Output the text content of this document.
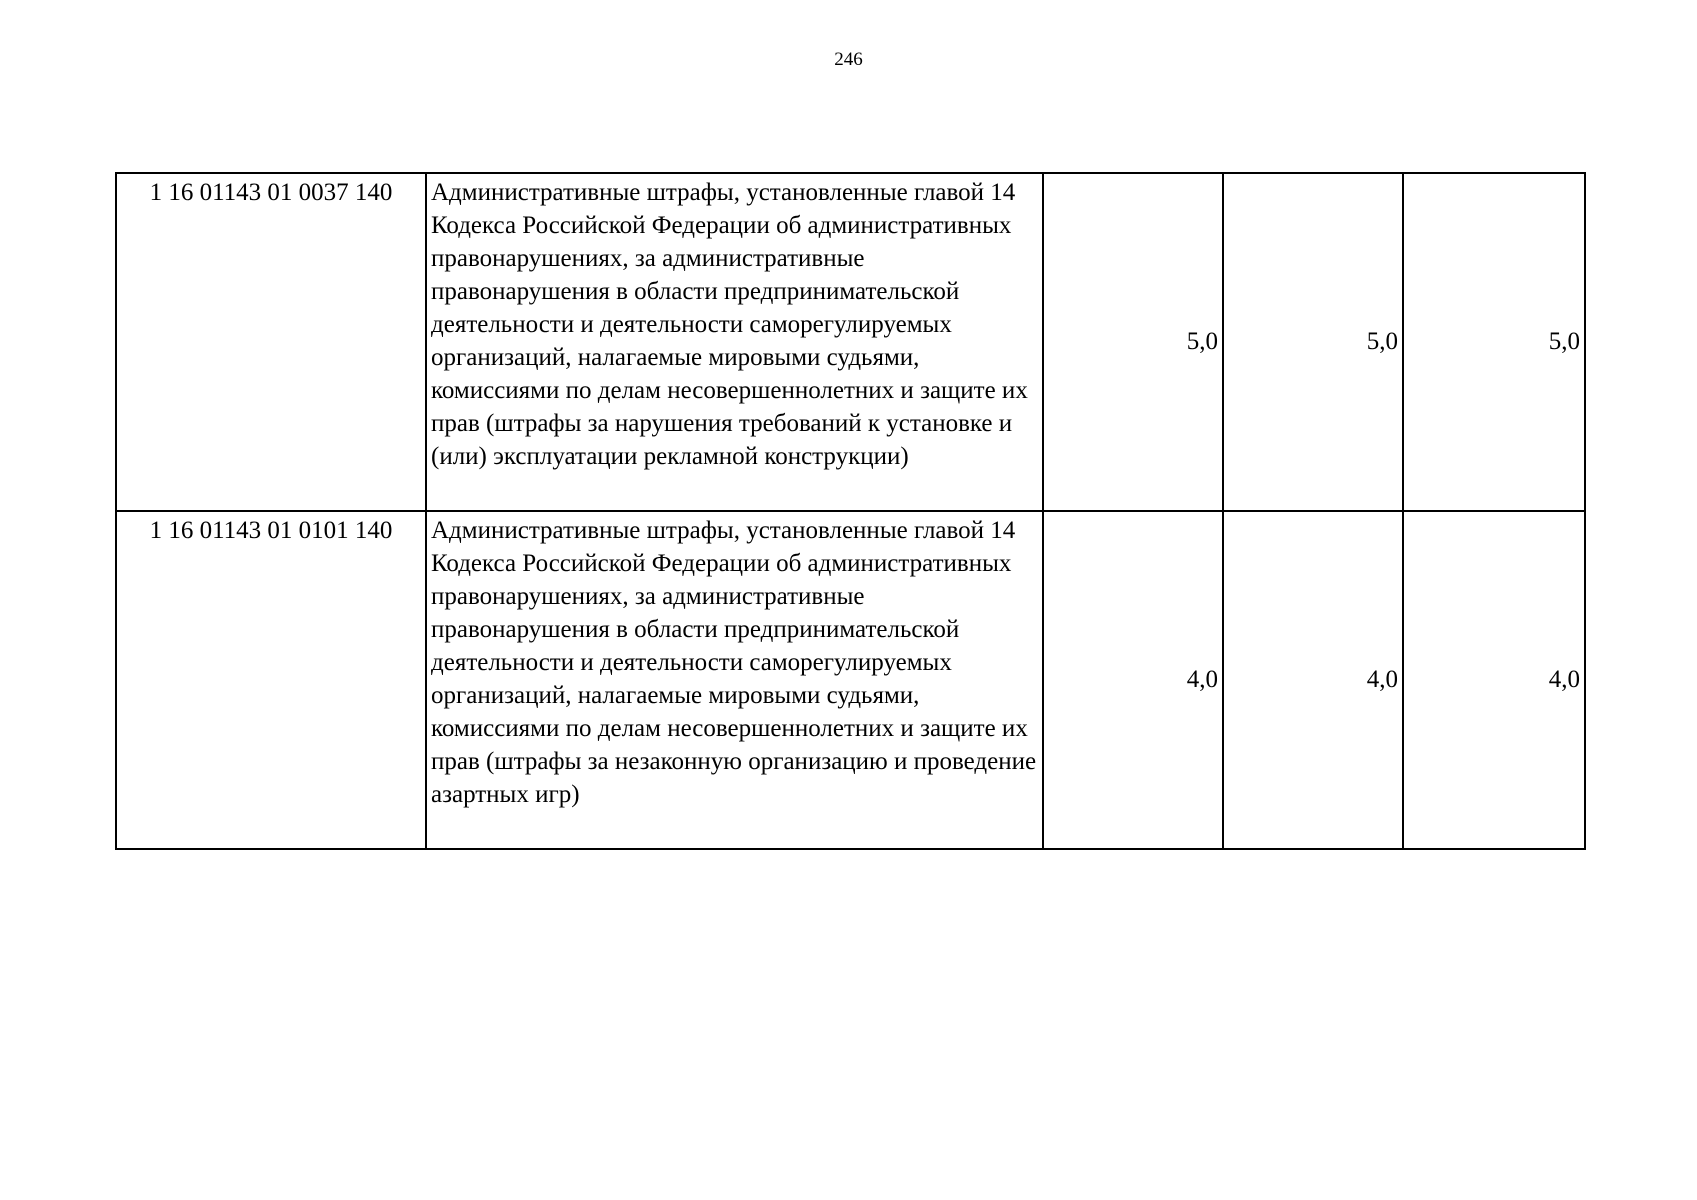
246
1 16 01143 01 0037 140	Административные штрафы, установленные главой 14 Кодекса Российской Федерации об административных правонарушениях, за административные правонарушения в области предпринимательской деятельности и деятельности саморегулируемых организаций, налагаемые мировыми судьями, комиссиями по делам несовершеннолетних и защите их прав (штрафы за нарушения требований к установке и (или) эксплуатации рекламной конструкции)	5,0	5,0	5,0
1 16 01143 01 0101 140	Административные штрафы, установленные главой 14 Кодекса Российской Федерации об административных правонарушениях, за административные правонарушения в области предпринимательской деятельности и деятельности саморегулируемых организаций, налагаемые мировыми судьями, комиссиями по делам несовершеннолетних и защите их прав (штрафы за незаконную организацию и проведение азартных игр)	4,0	4,0	4,0
